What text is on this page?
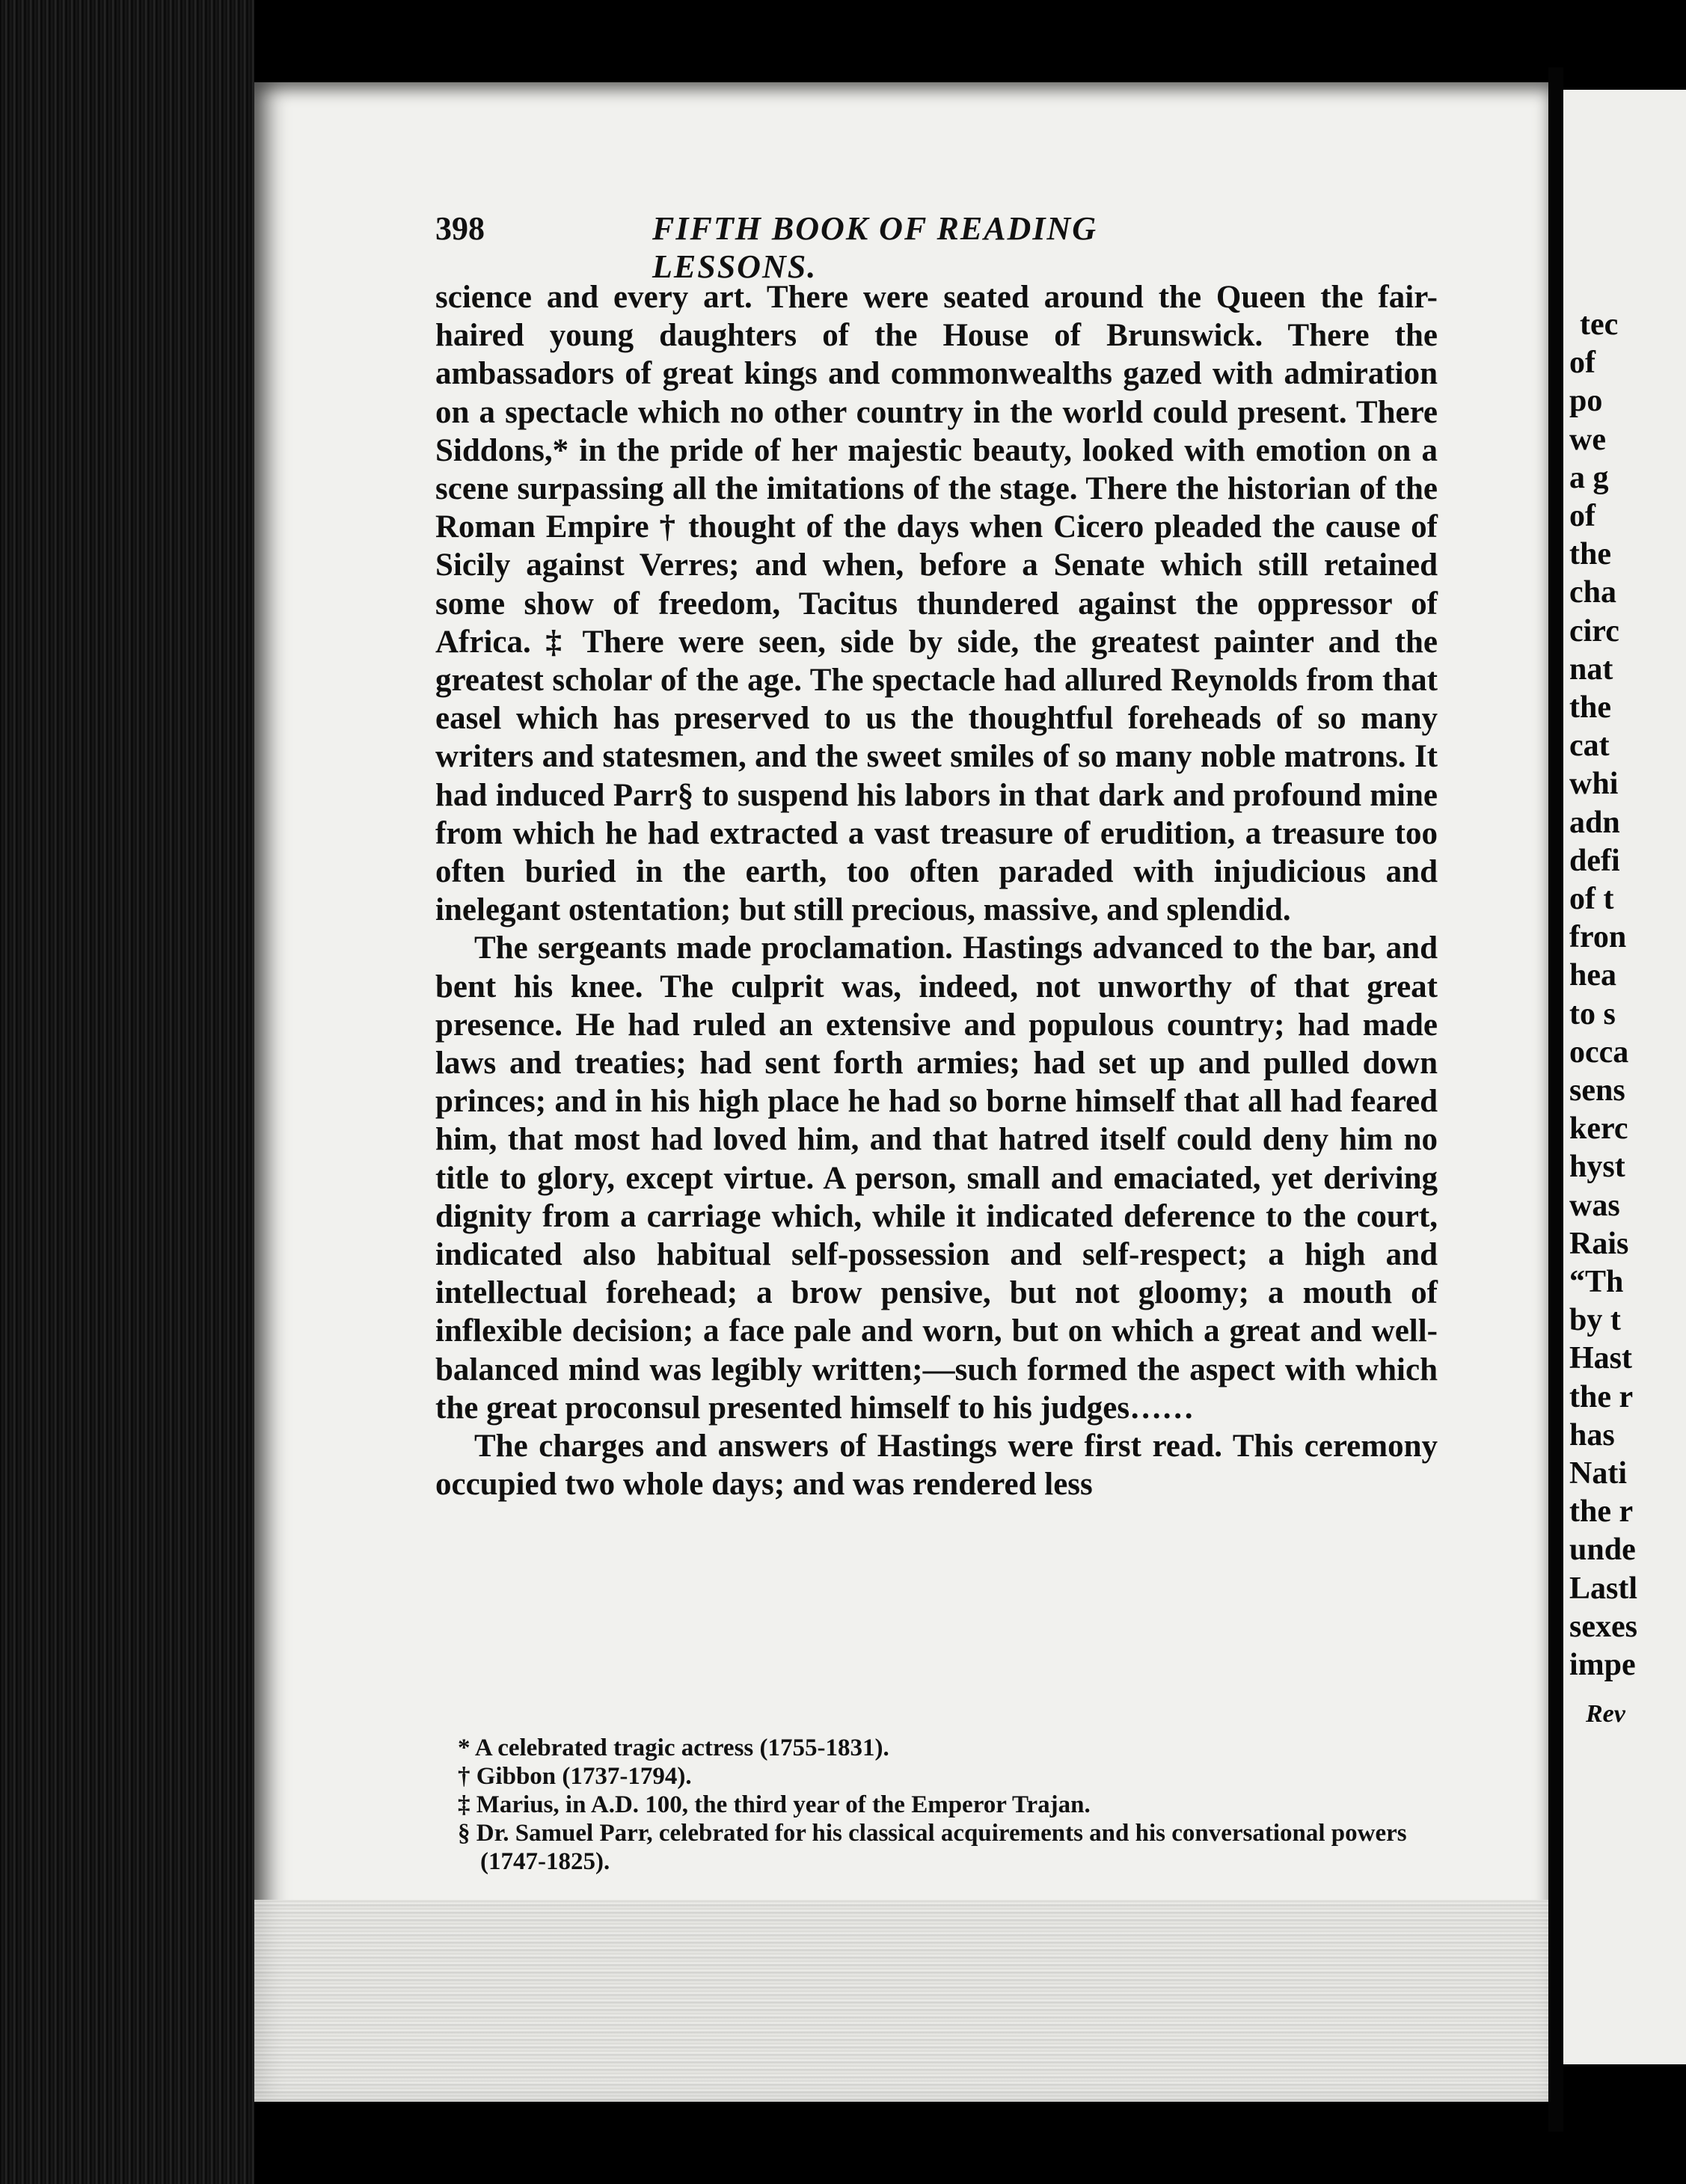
tec
of
po
we
a g
of
the
cha
circ
nat
the
cat
whi
adn
defi
of t
fron
hea
to s
occa
sens
kerc
hyst
was
Rais
“Th
by t
Hast
the r
has
Nati
the r
unde
Lastl
sexes
impe
Rev
398	FIFTH BOOK OF READING LESSONS.

science and every art. There were seated around the Queen the fair-haired young daughters of the House of Brunswick. There the ambassadors of great kings and commonwealths gazed with admiration on a spectacle which no other country in the world could present. There Siddons,* in the pride of her majestic beauty, looked with emotion on a scene surpassing all the imitations of the stage. There the historian of the Roman Empire † thought of the days when Cicero pleaded the cause of Sicily against Verres; and when, before a Senate which still retained some show of freedom, Tacitus thundered against the oppressor of Africa. ‡ There were seen, side by side, the greatest painter and the greatest scholar of the age. The spectacle had allured Reynolds from that easel which has preserved to us the thoughtful foreheads of so many writers and statesmen, and the sweet smiles of so many noble matrons. It had induced Parr§ to suspend his labors in that dark and profound mine from which he had extracted a vast treasure of erudition, a treasure too often buried in the earth, too often paraded with injudicious and inelegant ostentation; but still precious, massive, and splendid.

The sergeants made proclamation. Hastings advanced to the bar, and bent his knee. The culprit was, indeed, not unworthy of that great presence. He had ruled an extensive and populous country; had made laws and treaties; had sent forth armies; had set up and pulled down princes; and in his high place he had so borne himself that all had feared him, that most had loved him, and that hatred itself could deny him no title to glory, except virtue. A person, small and emaciated, yet deriving dignity from a carriage which, while it indicated deference to the court, indicated also habitual self-possession and self-respect; a high and intellectual forehead; a brow pensive, but not gloomy; a mouth of inflexible decision; a face pale and worn, but on which a great and well-balanced mind was legibly written;—such formed the aspect with which the great proconsul presented himself to his judges……

The charges and answers of Hastings were first read. This ceremony occupied two whole days; and was rendered less

* A celebrated tragic actress (1755-1831).

† Gibbon (1737-1794).

‡ Marius, in A.D. 100, the third year of the Emperor Trajan.

§ Dr. Samuel Parr, celebrated for his classical acquirements and his conversational powers (1747-1825).
